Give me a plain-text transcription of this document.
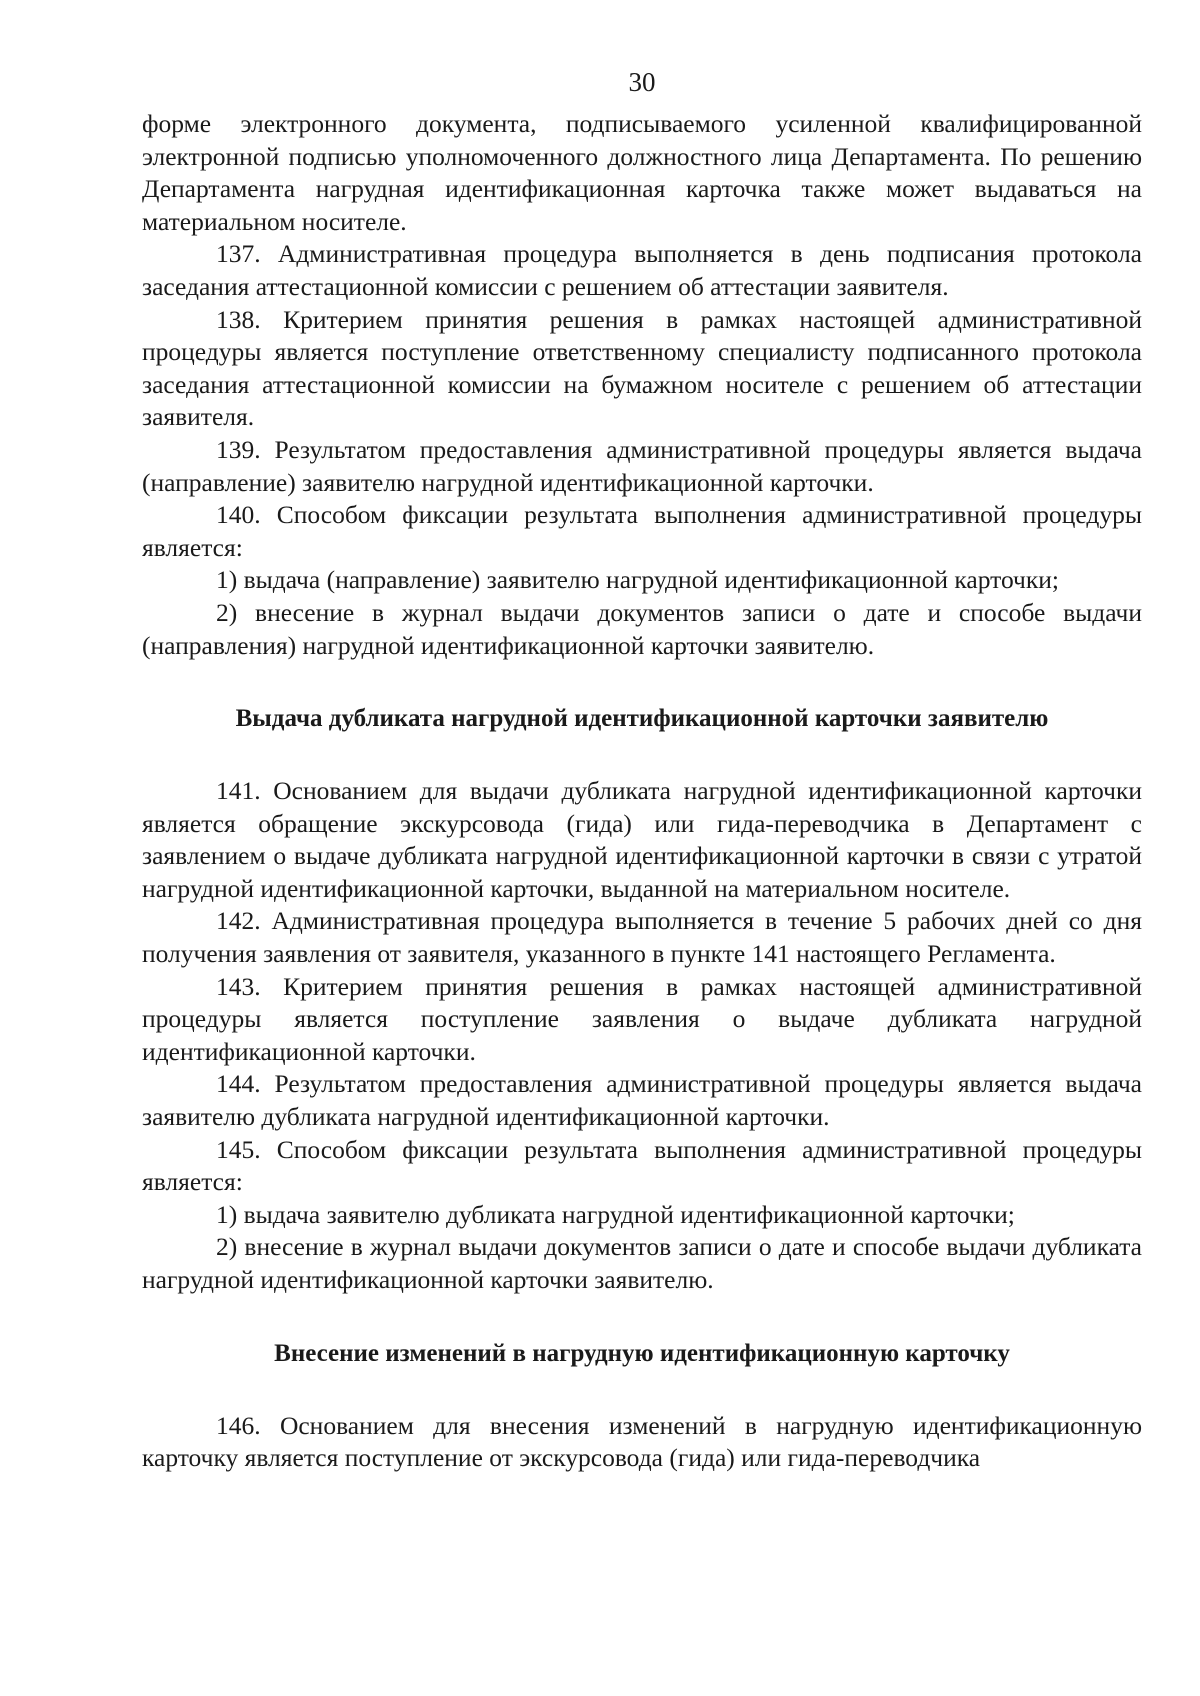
30

форме электронного документа, подписываемого усиленной квалифицированной электронной подписью уполномоченного должностного лица Департамента. По решению Департамента нагрудная идентификационная карточка также может выдаваться на материальном носителе.

137. Административная процедура выполняется в день подписания протокола заседания аттестационной комиссии с решением об аттестации заявителя.

138. Критерием принятия решения в рамках настоящей административной процедуры является поступление ответственному специалисту подписанного протокола заседания аттестационной комиссии на бумажном носителе с решением об аттестации заявителя.

139. Результатом предоставления административной процедуры является выдача (направление) заявителю нагрудной идентификационной карточки.

140. Способом фиксации результата выполнения административной процедуры является:

1) выдача (направление) заявителю нагрудной идентификационной карточки;

2) внесение в журнал выдачи документов записи о дате и способе выдачи (направления) нагрудной идентификационной карточки заявителю.

Выдача дубликата нагрудной идентификационной карточки заявителю

141. Основанием для выдачи дубликата нагрудной идентификационной карточки является обращение экскурсовода (гида) или гида-переводчика в Департамент с заявлением о выдаче дубликата нагрудной идентификационной карточки в связи с утратой нагрудной идентификационной карточки, выданной на материальном носителе.

142. Административная процедура выполняется в течение 5 рабочих дней со дня получения заявления от заявителя, указанного в пункте 141 настоящего Регламента.

143. Критерием принятия решения в рамках настоящей административной процедуры является поступление заявления о выдаче дубликата нагрудной идентификационной карточки.

144. Результатом предоставления административной процедуры является выдача заявителю дубликата нагрудной идентификационной карточки.

145. Способом фиксации результата выполнения административной процедуры является:

1) выдача заявителю дубликата нагрудной идентификационной карточки;

2) внесение в журнал выдачи документов записи о дате и способе выдачи дубликата нагрудной идентификационной карточки заявителю.

Внесение изменений в нагрудную идентификационную карточку

146. Основанием для внесения изменений в нагрудную идентификационную карточку является поступление от экскурсовода (гида) или гида-переводчика
